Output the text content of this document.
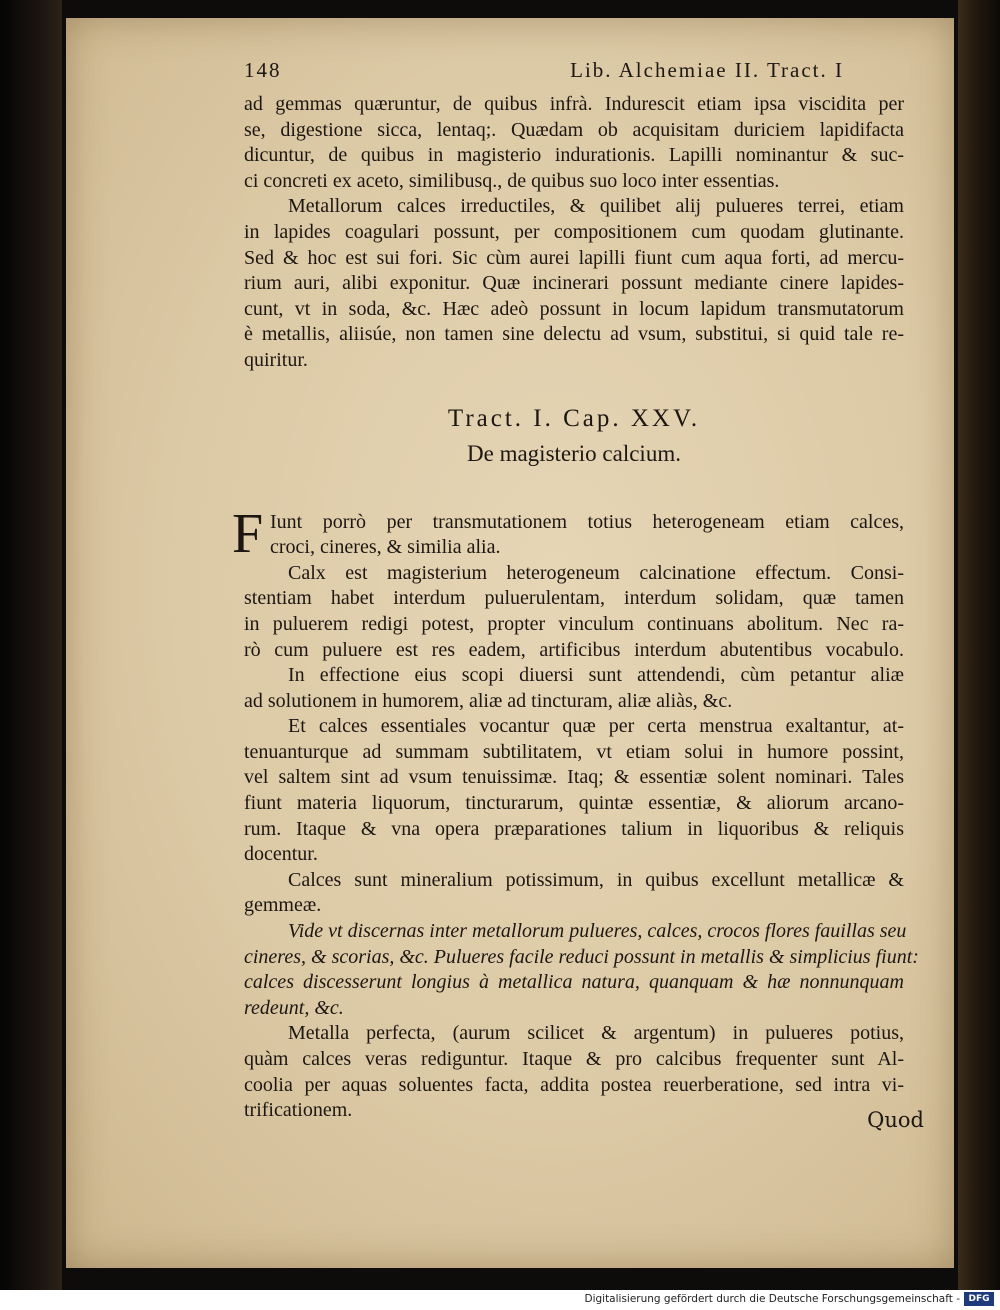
148	Lib. Alchemiae II. Tract. I
ad gemmas quæruntur, de quibus infrà. Indurescit etiam ipsa viscidita per
se, digestione sicca, lentaq;. Quædam ob acquisitam duriciem lapidifacta
dicuntur, de quibus in magisterio indurationis. Lapilli nominantur & suc-
ci concreti ex aceto, similibusq., de quibus suo loco inter essentias.
Metallorum calces irreductiles, & quilibet alij pulueres terrei, etiam
in lapides coagulari possunt, per compositionem cum quodam glutinante.
Sed & hoc est sui fori. Sic cùm aurei lapilli fiunt cum aqua forti, ad mercu-
rium auri, alibi exponitur. Quæ incinerari possunt mediante cinere lapides-
cunt, vt in soda, &c. Hæc adeò possunt in locum lapidum transmutatorum
è metallis, aliisúe, non tamen sine delectu ad vsum, substitui, si quid tale re-
quiritur.
Tract. I. Cap. XXV.
De magisterio calcium.
F Iunt porrò per transmutationem totius heterogeneam etiam calces,
croci, cineres, & similia alia.
Calx est magisterium heterogeneum calcinatione effectum. Consi-
stentiam habet interdum puluerulentam, interdum solidam, quæ tamen
in puluerem redigi potest, propter vinculum continuans abolitum. Nec ra-
rò cum puluere est res eadem, artificibus interdum abutentibus vocabulo.
In effectione eius scopi diuersi sunt attendendi, cùm petantur aliæ
ad solutionem in humorem, aliæ ad tincturam, aliæ aliàs, &c.
Et calces essentiales vocantur quæ per certa menstrua exaltantur, at-
tenuanturque ad summam subtilitatem, vt etiam solui in humore possint,
vel saltem sint ad vsum tenuissimæ. Itaq; & essentiæ solent nominari. Tales
fiunt materia liquorum, tincturarum, quintæ essentiæ, & aliorum arcano-
rum. Itaque & vna opera præparationes talium in liquoribus & reliquis
docentur.
Calces sunt mineralium potissimum, in quibus excellunt metallicæ &
gemmeæ.
Vide vt discernas inter metallorum pulueres, calces, crocos flores fauillas seu
cineres, & scorias, &c. Pulueres facile reduci possunt in metallis & simplicius fiunt:
calces discesserunt longius à metallica natura, quanquam & hæ nonnunquam
redeunt, &c.
Metalla perfecta, (aurum scilicet & argentum) in pulueres potius,
quàm calces veras rediguntur. Itaque & pro calcibus frequenter sunt Al-
coolia per aquas soluentes facta, addita postea reuerberatione, sed intra vi-
trificationem.	Quod
Digitalisierung gefördert durch die Deutsche Forschungsgemeinschaft - DFG
